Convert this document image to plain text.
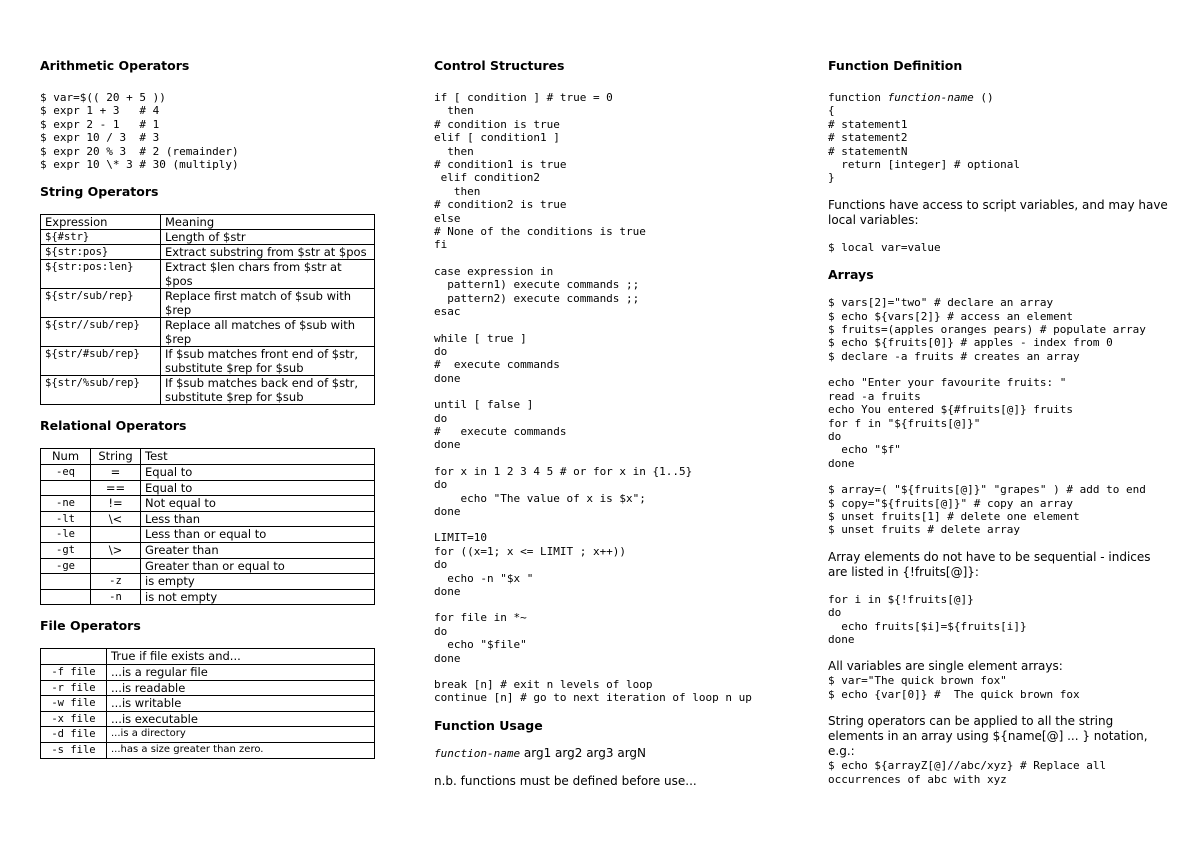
Arithmetic Operators
$ var=$(( 20 + 5 ))
$ expr 1 + 3   # 4
$ expr 2 - 1   # 1
$ expr 10 / 3  # 3
$ expr 20 % 3  # 2 (remainder)
$ expr 10 \* 3 # 30 (multiply)
String Operators
Expression	Meaning
${#str}	Length of $str
${str:pos}	Extract substring from $str at $pos
${str:pos:len}	Extract $len chars from $str at $pos
${str/sub/rep}	Replace first match of $sub with $rep
${str//sub/rep}	Replace all matches of $sub with $rep
${str/#sub/rep}	If $sub matches front end of $str, substitute $rep for $sub
${str/%sub/rep}	If $sub matches back end of $str, substitute $rep for $sub
Relational Operators
Num	String	Test
-eq	=	Equal to
	==	Equal to
-ne	!=	Not equal to
-lt	\<	Less than
-le		Less than or equal to
-gt	\>	Greater than
-ge		Greater than or equal to
	-z	is empty
	-n	is not empty
File Operators
	True if file exists and...
-f file	...is a regular file
-r file	...is readable
-w file	...is writable
-x file	...is executable
-d file	...is a directory
-s file	...has a size greater than zero.
Control Structures
if [ condition ] # true = 0
then
# condition is true
elif [ condition1 ]
then
# condition1 is true
elif condition2
then
# condition2 is true
else
# None of the conditions is true
fi
case expression in
pattern1) execute commands ;;
pattern2) execute commands ;;
esac
while [ true ]
do
#  execute commands
done
until [ false ]
do
#   execute commands
done
for x in 1 2 3 4 5 # or for x in {1..5}
do
echo "The value of x is $x";
done
LIMIT=10
for ((x=1; x <= LIMIT ; x++))
do
echo -n "$x "
done
for file in *~
do
echo "$file"
done
break [n] # exit n levels of loop
continue [n] # go to next iteration of loop n up
Function Usage

function-name arg1 arg2 arg3 argN

n.b. functions must be defined before use...

Function Definition
function function-name ()
{
# statement1
# statement2
# statementN
return [integer] # optional
}

Functions have access to script variables, and may have local variables:

$ local var=value
Arrays
$ vars[2]="two" # declare an array
$ echo ${vars[2]} # access an element
$ fruits=(apples oranges pears) # populate array
$ echo ${fruits[0]} # apples - index from 0
$ declare -a fruits # creates an array
echo "Enter your favourite fruits: "
read -a fruits
echo You entered ${#fruits[@]} fruits
for f in "${fruits[@]}"
do
echo "$f"
done
$ array=( "${fruits[@]}" "grapes" ) # add to end
$ copy="${fruits[@]}" # copy an array
$ unset fruits[1] # delete one element
$ unset fruits # delete array

Array elements do not have to be sequential - indices are listed in {!fruits[@]}:

for i in ${!fruits[@]}
do
echo fruits[$i]=${fruits[i]}
done

All variables are single element arrays:

$ var="The quick brown fox"
$ echo {var[0]} #  The quick brown fox

String operators can be applied to all the string elements in an array using ${name[@] ... } notation, e.g.:

$ echo ${arrayZ[@]//abc/xyz} # Replace all
occurrences of abc with xyz
